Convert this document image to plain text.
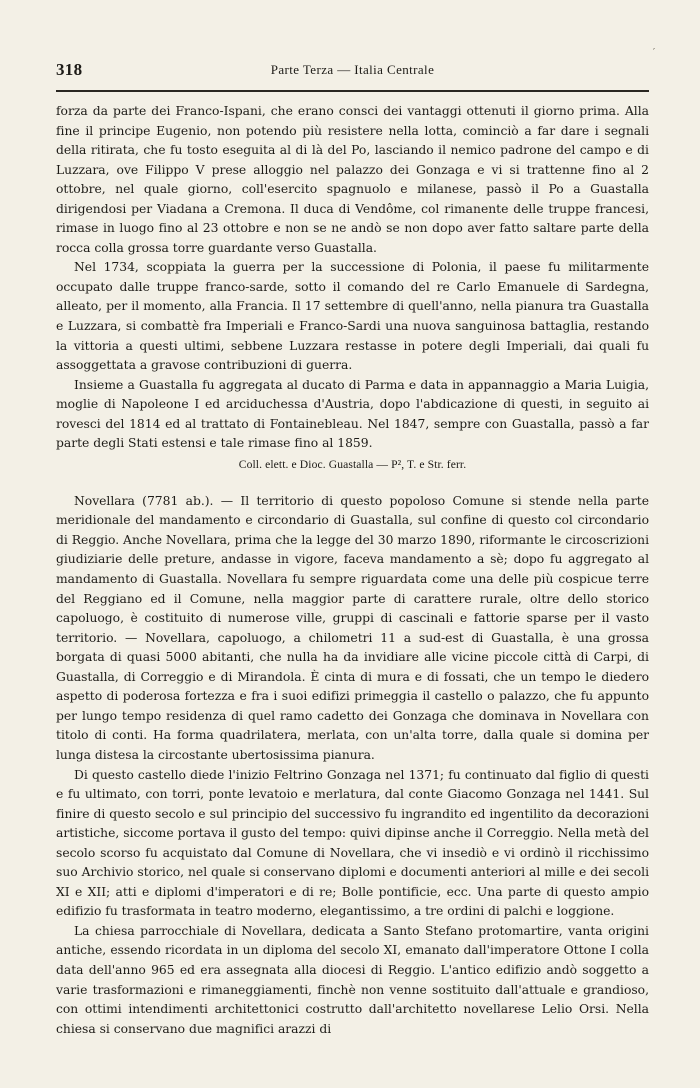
′
318	Parte Terza — Italia Centrale

forza da parte dei Franco-Ispani, che erano consci dei vantaggi ottenuti il giorno prima. Alla fine il principe Eugenio, non potendo più resistere nella lotta, cominciò a far dare i segnali della ritirata, che fu tosto eseguita al di là del Po, lasciando il nemico padrone del campo e di Luzzara, ove Filippo V prese alloggio nel palazzo dei Gonzaga e vi si trattenne fino al 2 ottobre, nel quale giorno, coll'esercito spagnuolo e milanese, passò il Po a Guastalla dirigendosi per Viadana a Cremona. Il duca di Vendôme, col rimanente delle truppe francesi, rimase in luogo fino al 23 ottobre e non se ne andò se non dopo aver fatto saltare parte della rocca colla grossa torre guardante verso Guastalla.

Nel 1734, scoppiata la guerra per la successione di Polonia, il paese fu militarmente occupato dalle truppe franco-sarde, sotto il comando del re Carlo Emanuele di Sardegna, alleato, per il momento, alla Francia. Il 17 settembre di quell'anno, nella pianura tra Guastalla e Luzzara, si combattè fra Imperiali e Franco-Sardi una nuova sanguinosa battaglia, restando la vittoria a questi ultimi, sebbene Luzzara restasse in potere degli Imperiali, dai quali fu assoggettata a gravose contribuzioni di guerra.

Insieme a Guastalla fu aggregata al ducato di Parma e data in appannaggio a Maria Luigia, moglie di Napoleone I ed arciduchessa d'Austria, dopo l'abdicazione di questi, in seguito ai rovesci del 1814 ed al trattato di Fontainebleau. Nel 1847, sempre con Guastalla, passò a far parte degli Stati estensi e tale rimase fino al 1859.

Coll. elett. e Dioc. Guastalla — P², T. e Str. ferr.

Novellara (7781 ab.). — Il territorio di questo popoloso Comune si stende nella parte meridionale del mandamento e circondario di Guastalla, sul confine di questo col circondario di Reggio. Anche Novellara, prima che la legge del 30 marzo 1890, riformante le circoscrizioni giudiziarie delle preture, andasse in vigore, faceva mandamento a sè; dopo fu aggregato al mandamento di Guastalla. Novellara fu sempre riguardata come una delle più cospicue terre del Reggiano ed il Comune, nella maggior parte di carattere rurale, oltre dello storico capoluogo, è costituito di numerose ville, gruppi di cascinali e fattorie sparse per il vasto territorio. — Novellara, capoluogo, a chilometri 11 a sud-est di Guastalla, è una grossa borgata di quasi 5000 abitanti, che nulla ha da invidiare alle vicine piccole città di Carpi, di Guastalla, di Correggio e di Mirandola. È cinta di mura e di fossati, che un tempo le diedero aspetto di poderosa fortezza e fra i suoi edifizi primeggia il castello o palazzo, che fu appunto per lungo tempo residenza di quel ramo cadetto dei Gonzaga che dominava in Novellara con titolo di conti. Ha forma quadrilatera, merlata, con un'alta torre, dalla quale si domina per lunga distesa la circostante ubertosissima pianura.

Di questo castello diede l'inizio Feltrino Gonzaga nel 1371; fu continuato dal figlio di questi e fu ultimato, con torri, ponte levatoio e merlatura, dal conte Giacomo Gonzaga nel 1441. Sul finire di questo secolo e sul principio del successivo fu ingrandito ed ingentilito da decorazioni artistiche, siccome portava il gusto del tempo: quivi dipinse anche il Correggio. Nella metà del secolo scorso fu acquistato dal Comune di Novellara, che vi insediò e vi ordinò il ricchissimo suo Archivio storico, nel quale si conservano diplomi e documenti anteriori al mille e dei secoli XI e XII; atti e diplomi d'imperatori e di re; Bolle pontificie, ecc. Una parte di questo ampio edifizio fu trasformata in teatro moderno, elegantissimo, a tre ordini di palchi e loggione.

La chiesa parrocchiale di Novellara, dedicata a Santo Stefano protomartire, vanta origini antiche, essendo ricordata in un diploma del secolo XI, emanato dall'imperatore Ottone I colla data dell'anno 965 ed era assegnata alla diocesi di Reggio. L'antico edifizio andò soggetto a varie trasformazioni e rimaneggiamenti, finchè non venne sostituito dall'attuale e grandioso, con ottimi intendimenti architettonici costrutto dall'architetto novellarese Lelio Orsi. Nella chiesa si conservano due magnifici arazzi di
